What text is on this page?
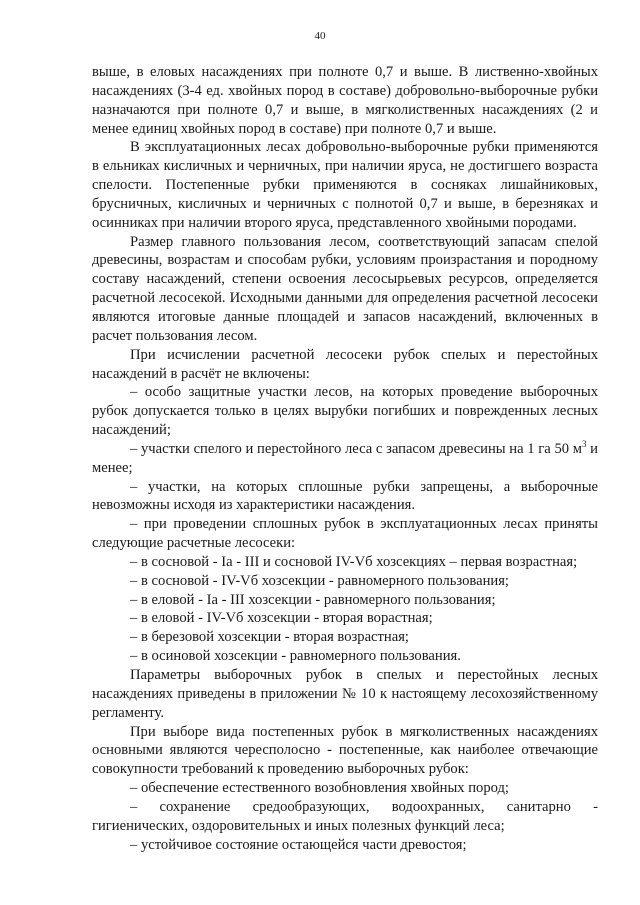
40

выше, в еловых насаждениях при полноте 0,7 и выше. В лиственно-хвойных насаждениях (3-4 ед. хвойных пород в составе) добровольно-выборочные рубки назначаются при полноте 0,7 и выше, в мягколиственных насаждениях (2 и менее единиц хвойных пород в составе) при полноте 0,7 и выше.

В эксплуатационных лесах добровольно-выборочные рубки применяются в ельниках кисличных и черничных, при наличии яруса, не достигшего возраста спелости. Постепенные рубки применяются в сосняках лишайниковых, брусничных, кисличных и черничных с полнотой 0,7 и выше, в березняках и осинниках при наличии второго яруса, представленного хвойными породами.

Размер главного пользования лесом, соответствующий запасам спелой древесины, возрастам и способам рубки, условиям произрастания и породному составу насаждений, степени освоения лесосырьевых ресурсов, определяется расчетной лесосекой. Исходными данными для определения расчетной лесосеки являются итоговые данные площадей и запасов насаждений, включенных в расчет пользования лесом.

При исчислении расчетной лесосеки рубок спелых и перестойных насаждений в расчёт не включены:

– особо защитные участки лесов, на которых проведение выборочных рубок допускается только в целях вырубки погибших и поврежденных лесных насаждений;

– участки спелого и перестойного леса с запасом древесины на 1 га 50 $м^3$ и менее;

– участки, на которых сплошные рубки запрещены, а выборочные невозможны исходя из характеристики насаждения.

– при проведении сплошных рубок в эксплуатационных лесах приняты следующие расчетные лесосеки:

– в сосновой - Iа - III и сосновой IV-Vб хозсекциях – первая возрастная;

– в сосновой - IV-Vб хозсекции - равномерного пользования;

– в еловой - Iа - III хозсекции - равномерного пользования;

– в еловой - IV-Vб хозсекции - вторая ворастная;

– в березовой хозсекции - вторая возрастная;

– в осиновой хозсекции - равномерного пользования.

Параметры выборочных рубок в спелых и перестойных лесных насаждениях приведены в приложении № 10 к настоящему лесохозяйственному регламенту.

При выборе вида постепенных рубок в мягколиственных насаждениях основными являются чересполосно - постепенные, как наиболее отвечающие совокупности требований к проведению выборочных рубок:

– обеспечение естественного возобновления хвойных пород;

– сохранение средообразующих, водоохранных, санитарно - гигиенических, оздоровительных и иных полезных функций леса;

– устойчивое состояние остающейся части древостоя;
